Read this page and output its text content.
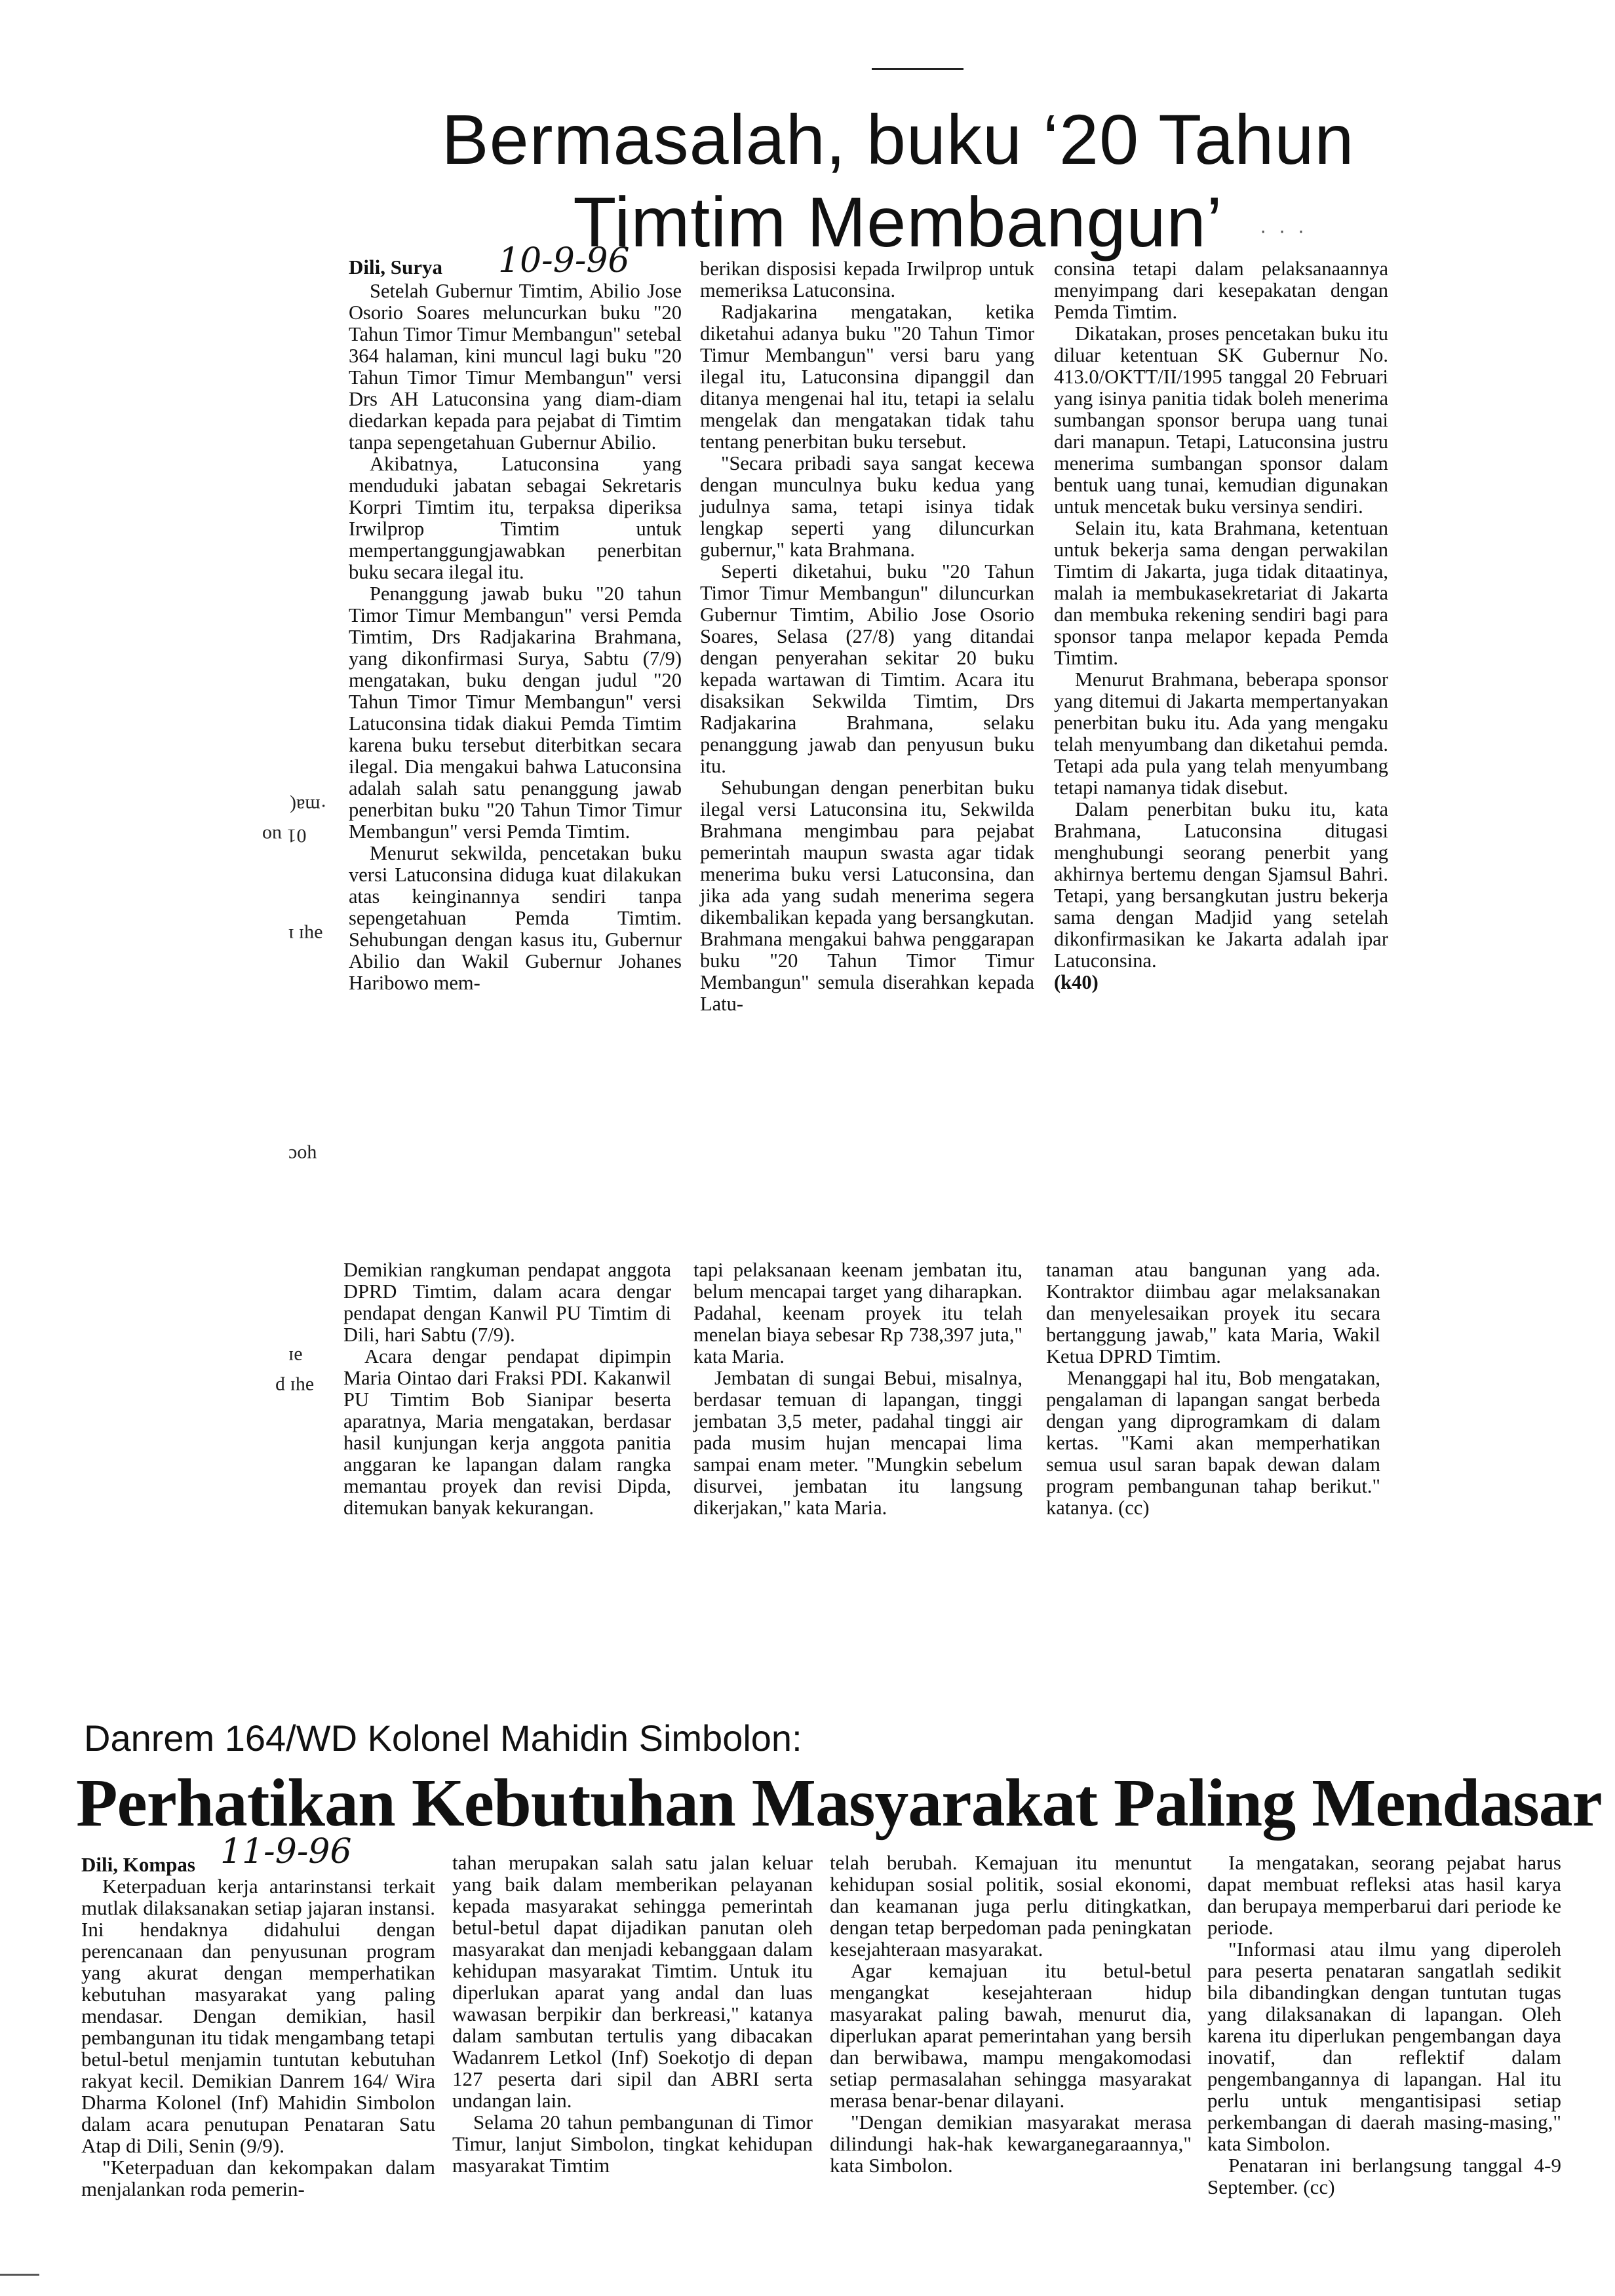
Bermasalah, buku ‘20 Tahun
Timtim Membangun’	· · ·
Dili, Surya 10-9-96

Setelah Gubernur Timtim, Abilio Jose Osorio Soares meluncurkan buku "20 Tahun Timor Timur Membangun" setebal 364 halaman, kini muncul lagi buku "20 Tahun Timor Timur Membangun" versi Drs AH Latuconsina yang diam-diam diedarkan kepada para pejabat di Timtim tanpa sepengetahuan Gubernur Abilio.

Akibatnya, Latuconsina yang menduduki jabatan sebagai Sekretaris Korpri Timtim itu, terpaksa diperiksa Irwilprop Timtim untuk mempertanggungjawabkan penerbitan buku secara ilegal itu.

Penanggung jawab buku "20 tahun Timor Timur Membangun" versi Pemda Timtim, Drs Radjakarina Brahmana, yang dikonfirmasi Surya, Sabtu (7/9) mengatakan, buku dengan judul "20 Tahun Timor Timur Membangun" versi Latuconsina tidak diakui Pemda Timtim karena buku tersebut diterbitkan secara ilegal. Dia mengakui bahwa Latuconsina adalah salah satu penanggung jawab penerbitan buku "20 Tahun Timor Timur Membangun" versi Pemda Timtim.

Menurut sekwilda, pencetakan buku versi Latuconsina diduga kuat dilakukan atas keinginannya sendiri tanpa sepengetahuan Pemda Timtim. Sehubungan dengan kasus itu, Gubernur Abilio dan Wakil Gubernur Johanes Haribowo mem-

berikan disposisi kepada Irwilprop untuk memeriksa Latuconsina.

Radjakarina mengatakan, ketika diketahui adanya buku "20 Tahun Timor Timur Membangun" versi baru yang ilegal itu, Latuconsina dipanggil dan ditanya mengenai hal itu, tetapi ia selalu mengelak dan mengatakan tidak tahu tentang penerbitan buku tersebut.

"Secara pribadi saya sangat kecewa dengan munculnya buku kedua yang judulnya sama, tetapi isinya tidak lengkap seperti yang diluncurkan gubernur," kata Brahmana.

Seperti diketahui, buku "20 Tahun Timor Timur Membangun" diluncurkan Gubernur Timtim, Abilio Jose Osorio Soares, Selasa (27/8) yang ditandai dengan penyerahan sekitar 20 buku kepada wartawan di Timtim. Acara itu disaksikan Sekwilda Timtim, Drs Radjakarina Brahmana, selaku penanggung jawab dan penyusun buku itu.

Sehubungan dengan penerbitan buku ilegal versi Latuconsina itu, Sekwilda Brahmana mengimbau para pejabat pemerintah maupun swasta agar tidak menerima buku versi Latuconsina, dan jika ada yang sudah menerima segera dikembalikan kepada yang bersangkutan. Brahmana mengakui bahwa penggarapan buku "20 Tahun Timor Timur Membangun" semula diserahkan kepada Latu-

consina tetapi dalam pelaksanaannya menyimpang dari kesepakatan dengan Pemda Timtim.

Dikatakan, proses pencetakan buku itu diluar ketentuan SK Gubernur No. 413.0/OKTT/II/1995 tanggal 20 Februari yang isinya panitia tidak boleh menerima sumbangan sponsor berupa uang tunai dari manapun. Tetapi, Latuconsina justru menerima sumbangan sponsor dalam bentuk uang tunai, kemudian digunakan untuk mencetak buku versinya sendiri.

Selain itu, kata Brahmana, ketentuan untuk bekerja sama dengan perwakilan Timtim di Jakarta, juga tidak ditaatinya, malah ia membukasekretariat di Jakarta dan membuka rekening sendiri bagi para sponsor tanpa melapor kepada Pemda Timtim.

Menurut Brahmana, beberapa sponsor yang ditemui di Jakarta mempertanyakan penerbitan buku itu. Ada yang mengaku telah menyumbang dan diketahui pemda. Tetapi ada pula yang telah menyumbang tetapi namanya tidak disebut.

Dalam penerbitan buku itu, kata Brahmana, Latuconsina ditugasi menghubungi seorang penerbit yang akhirnya bertemu dengan Sjamsul Bahri. Tetapi, yang bersangkutan justru bekerja sama dengan Madjid yang setelah dikonfirmasikan ke Jakarta adalah ipar Latuconsina.

(k40)

·ma(
01 uo
əɥɪ ı
ɥoc
əɪ
əɥɪ p

Demikian rangkuman pendapat anggota DPRD Timtim, dalam acara dengar pendapat dengan Kanwil PU Timtim di Dili, hari Sabtu (7/9).

Acara dengar pendapat dipimpin Maria Ointao dari Fraksi PDI. Kakanwil PU Timtim Bob Sianipar beserta aparatnya, Maria mengatakan, berdasar hasil kunjungan kerja anggota panitia anggaran ke lapangan dalam rangka memantau proyek dan revisi Dipda, ditemukan banyak kekurangan.

tapi pelaksanaan keenam jembatan itu, belum mencapai target yang diharapkan. Padahal, keenam proyek itu telah menelan biaya sebesar Rp 738,397 juta," kata Maria.

Jembatan di sungai Bebui, misalnya, berdasar temuan di lapangan, tinggi jembatan 3,5 meter, padahal tinggi air pada musim hujan mencapai lima sampai enam meter. "Mungkin sebelum disurvei, jembatan itu langsung dikerjakan," kata Maria.

tanaman atau bangunan yang ada. Kontraktor diimbau agar melaksanakan dan menyelesaikan proyek itu secara bertanggung jawab," kata Maria, Wakil Ketua DPRD Timtim.

Menanggapi hal itu, Bob mengatakan, pengalaman di lapangan sangat berbeda dengan yang diprogramkam di dalam kertas. "Kami akan memperhatikan semua usul saran bapak dewan dalam program pembangunan tahap berikut." katanya. (cc)

Danrem 164/WD Kolonel Mahidin Simbolon:
Perhatikan Kebutuhan Masyarakat Paling Mendasar
Dili, Kompas 11-9-96

Keterpaduan kerja antarinstansi terkait mutlak dilaksanakan setiap jajaran instansi. Ini hendaknya didahului dengan perencanaan dan penyusunan program yang akurat dengan memperhatikan kebutuhan masyarakat yang paling mendasar. Dengan demikian, hasil pembangunan itu tidak mengambang tetapi betul-betul menjamin tuntutan kebutuhan rakyat kecil. Demikian Danrem 164/ Wira Dharma Kolonel (Inf) Mahidin Simbolon dalam acara penutupan Penataran Satu Atap di Dili, Senin (9/9).

"Keterpaduan dan kekompakan dalam menjalankan roda pemerin-

tahan merupakan salah satu jalan keluar yang baik dalam memberikan pelayanan kepada masyarakat sehingga pemerintah betul-betul dapat dijadikan panutan oleh masyarakat dan menjadi kebanggaan dalam kehidupan masyarakat Timtim. Untuk itu diperlukan aparat yang andal dan luas wawasan berpikir dan berkreasi," katanya dalam sambutan tertulis yang dibacakan Wadanrem Letkol (Inf) Soekotjo di depan 127 peserta dari sipil dan ABRI serta undangan lain.

Selama 20 tahun pembangunan di Timor Timur, lanjut Simbolon, tingkat kehidupan masyarakat Timtim

telah berubah. Kemajuan itu menuntut kehidupan sosial politik, sosial ekonomi, dan keamanan juga perlu ditingkatkan, dengan tetap berpedoman pada peningkatan kesejahteraan masyarakat.

Agar kemajuan itu betul-betul mengangkat kesejahteraan hidup masyarakat paling bawah, menurut dia, diperlukan aparat pemerintahan yang bersih dan berwibawa, mampu mengakomodasi setiap permasalahan sehingga masyarakat merasa benar-benar dilayani.

"Dengan demikian masyarakat merasa dilindungi hak-hak kewarganegaraannya," kata Simbolon.

Ia mengatakan, seorang pejabat harus dapat membuat refleksi atas hasil karya dan berupaya memperbarui dari periode ke periode.

"Informasi atau ilmu yang diperoleh para peserta penataran sangatlah sedikit bila dibandingkan dengan tuntutan tugas yang dilaksanakan di lapangan. Oleh karena itu diperlukan pengembangan daya inovatif, dan reflektif dalam pengembangannya di lapangan. Hal itu perlu untuk mengantisipasi setiap perkembangan di daerah masing-masing," kata Simbolon.

Penataran ini berlangsung tanggal 4-9 September. (cc)
